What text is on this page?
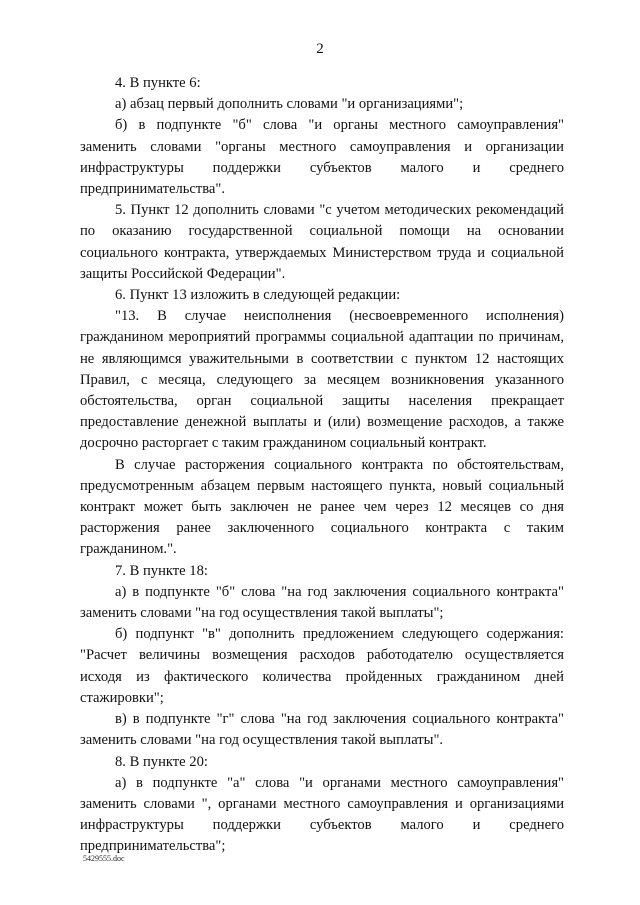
2

4. В пункте 6:

а) абзац первый дополнить словами "и организациями";

б) в подпункте "б" слова "и органы местного самоуправления" заменить словами "органы местного самоуправления и организации инфраструктуры поддержки субъектов малого и среднего предпринимательства".

5. Пункт 12 дополнить словами "с учетом методических рекомендаций по оказанию государственной социальной помощи на основании социального контракта, утверждаемых Министерством труда и социальной защиты Российской Федерации".

6. Пункт 13 изложить в следующей редакции:

"13. В случае неисполнения (несвоевременного исполнения) гражданином мероприятий программы социальной адаптации по причинам, не являющимся уважительными в соответствии с пунктом 12 настоящих Правил, с месяца, следующего за месяцем возникновения указанного обстоятельства, орган социальной защиты населения прекращает предоставление денежной выплаты и (или) возмещение расходов, а также досрочно расторгает с таким гражданином социальный контракт.

В случае расторжения социального контракта по обстоятельствам, предусмотренным абзацем первым настоящего пункта, новый социальный контракт может быть заключен не ранее чем через 12 месяцев со дня расторжения ранее заключенного социального контракта с таким гражданином.".

7. В пункте 18:

а) в подпункте "б" слова "на год заключения социального контракта" заменить словами "на год осуществления такой выплаты";

б) подпункт "в" дополнить предложением следующего содержания: "Расчет величины возмещения расходов работодателю осуществляется исходя из фактического количества пройденных гражданином дней стажировки";

в) в подпункте "г" слова "на год заключения социального контракта" заменить словами "на год осуществления такой выплаты".

8. В пункте 20:

а) в подпункте "а" слова "и органами местного самоуправления" заменить словами ", органами местного самоуправления и организациями инфраструктуры поддержки субъектов малого и среднего предпринимательства";

5429555.doc
